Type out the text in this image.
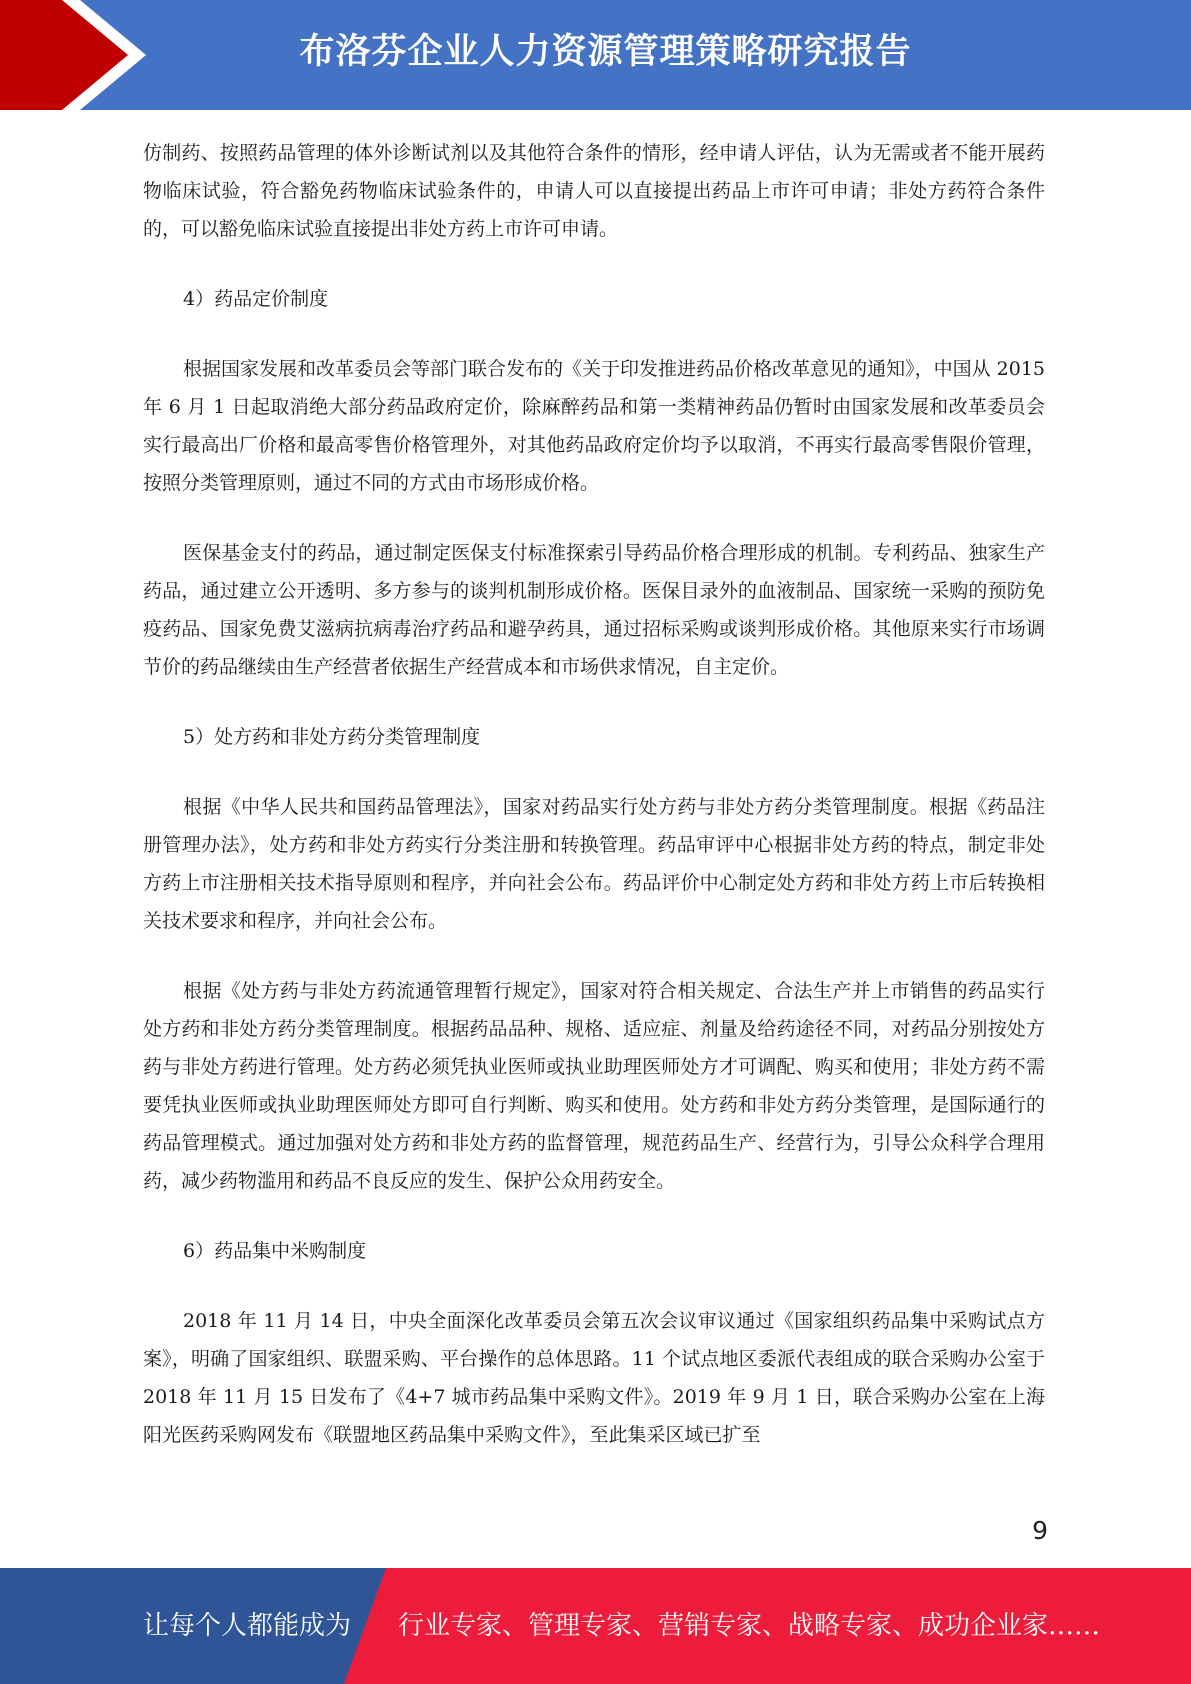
布洛芬企业人力资源管理策略研究报告

仿制药、按照药品管理的体外诊断试剂以及其他符合条件的情形，经申请人评估，认为无需或者不能开展药物临床试验，符合豁免药物临床试验条件的，申请人可以直接提出药品上市许可申请；非处方药符合条件的，可以豁免临床试验直接提出非处方药上市许可申请。

4）药品定价制度

根据国家发展和改革委员会等部门联合发布的《关于印发推进药品价格改革意见的通知》，中国从 2015 年 6 月 1 日起取消绝大部分药品政府定价，除麻醉药品和第一类精神药品仍暂时由国家发展和改革委员会实行最高出厂价格和最高零售价格管理外，对其他药品政府定价均予以取消，不再实行最高零售限价管理，按照分类管理原则，通过不同的方式由市场形成价格。

医保基金支付的药品，通过制定医保支付标准探索引导药品价格合理形成的机制。专利药品、独家生产药品，通过建立公开透明、多方参与的谈判机制形成价格。医保目录外的血液制品、国家统一采购的预防免疫药品、国家免费艾滋病抗病毒治疗药品和避孕药具，通过招标采购或谈判形成价格。其他原来实行市场调节价的药品继续由生产经营者依据生产经营成本和市场供求情况，自主定价。

5）处方药和非处方药分类管理制度

根据《中华人民共和国药品管理法》，国家对药品实行处方药与非处方药分类管理制度。根据《药品注册管理办法》，处方药和非处方药实行分类注册和转换管理。药品审评中心根据非处方药的特点，制定非处方药上市注册相关技术指导原则和程序，并向社会公布。药品评价中心制定处方药和非处方药上市后转换相关技术要求和程序，并向社会公布。

根据《处方药与非处方药流通管理暂行规定》，国家对符合相关规定、合法生产并上市销售的药品实行处方药和非处方药分类管理制度。根据药品品种、规格、适应症、剂量及给药途径不同，对药品分别按处方药与非处方药进行管理。处方药必须凭执业医师或执业助理医师处方才可调配、购买和使用；非处方药不需要凭执业医师或执业助理医师处方即可自行判断、购买和使用。处方药和非处方药分类管理，是国际通行的药品管理模式。通过加强对处方药和非处方药的监督管理，规范药品生产、经营行为，引导公众科学合理用药，减少药物滥用和药品不良反应的发生、保护公众用药安全。

6）药品集中米购制度

2018 年 11 月 14 日，中央全面深化改革委员会第五次会议审议通过《国家组织药品集中采购试点方案》，明确了国家组织、联盟采购、平台操作的总体思路。11 个试点地区委派代表组成的联合采购办公室于 2018 年 11 月 15 日发布了《4+7 城市药品集中采购文件》。2019 年 9 月 1 日，联合采购办公室在上海阳光医药采购网发布《联盟地区药品集中采购文件》，至此集采区域已扩至

9
让每个人都能成为 行业专家、管理专家、营销专家、战略专家、成功企业家……
